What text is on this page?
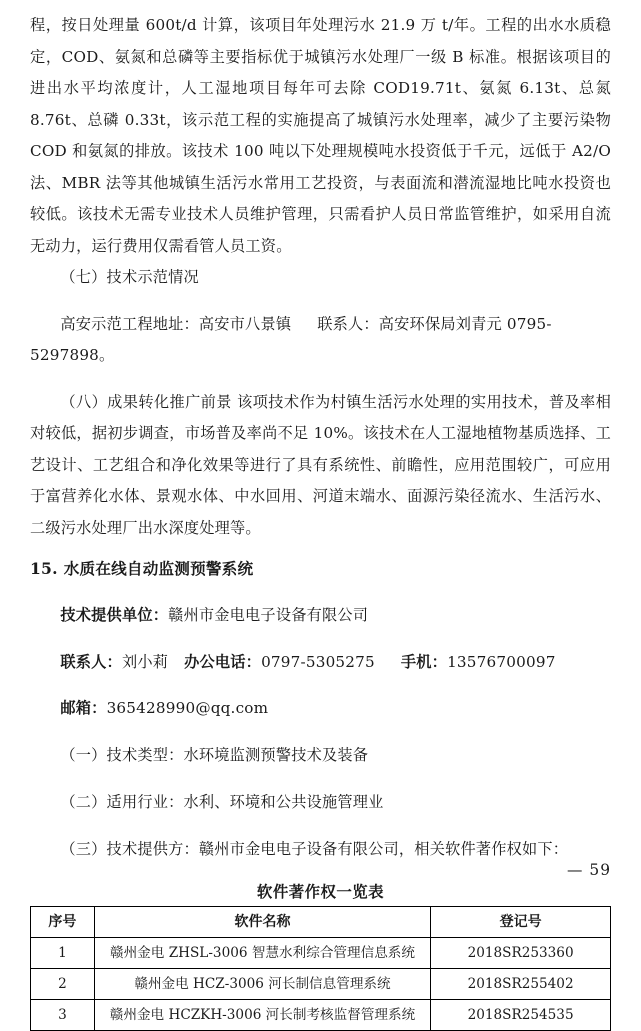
程，按日处理量 600t/d 计算，该项目年处理污水 21.9 万 t/年。工程的出水水质稳定，COD、氨氮和总磷等主要指标优于城镇污水处理厂一级 B 标准。根据该项目的进出水平均浓度计，人工湿地项目每年可去除 COD19.71t、氨氮 6.13t、总氮 8.76t、总磷 0.33t，该示范工程的实施提高了城镇污水处理率，减少了主要污染物 COD 和氨氮的排放。该技术 100 吨以下处理规模吨水投资低于千元，远低于 A2/O 法、MBR 法等其他城镇生活污水常用工艺投资，与表面流和潜流湿地比吨水投资也较低。该技术无需专业技术人员维护管理，只需看护人员日常监管维护，如采用自流无动力，运行费用仅需看管人员工资。

（七）技术示范情况

高安示范工程地址：高安市八景镇 联系人：高安环保局刘青元 0795-5297898。

（八）成果转化推广前景 该项技术作为村镇生活污水处理的实用技术，普及率相对较低，据初步调查，市场普及率尚不足 10%。该技术在人工湿地植物基质选择、工艺设计、工艺组合和净化效果等进行了具有系统性、前瞻性，应用范围较广，可应用于富营养化水体、景观水体、中水回用、河道末端水、面源污染径流水、生活污水、二级污水处理厂出水深度处理等。

15. 水质在线自动监测预警系统

技术提供单位：赣州市金电电子设备有限公司

联系人：刘小莉 办公电话：0797-5305275 手机：13576700097

邮箱：365428990@qq.com

（一）技术类型：水环境监测预警技术及装备

（二）适用行业：水利、环境和公共设施管理业

（三）技术提供方：赣州市金电电子设备有限公司，相关软件著作权如下：

软件著作权一览表
序号	软件名称	登记号
1	赣州金电 ZHSL-3006 智慧水利综合管理信息系统	2018SR253360
2	赣州金电 HCZ-3006 河长制信息管理系统	2018SR255402
3	赣州金电 HCZKH-3006 河长制考核监督管理系统	2018SR254535
— 59
